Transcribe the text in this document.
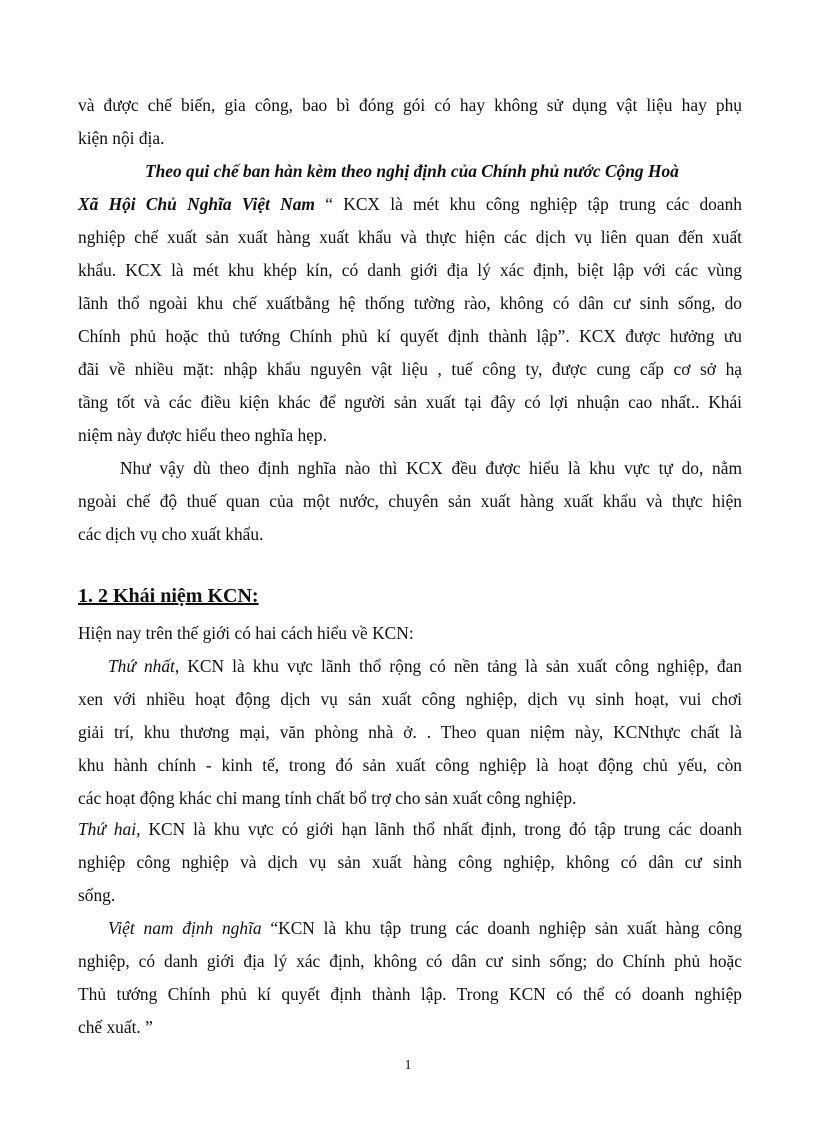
và được chế biến, gia công, bao bì đóng gói có hay không sử dụng vật liệu hay phụ

kiện nội địa.

Theo qui chế ban hàn kèm theo nghị định của Chính phủ nước Cộng Hoà

Xã Hội Chủ Nghĩa Việt Nam “ KCX là mét khu công nghiệp tập trung các doanh

nghiệp chế xuất sản xuất hàng xuất khẩu và thực hiện các dịch vụ liên quan đến xuất

khẩu. KCX là mét khu khép kín, có danh giới địa lý xác định, biệt lập với các vùng

lãnh thổ ngoài khu chế xuấtbằng hệ thống tường rào, không có dân cư sinh sống, do

Chính phủ hoặc thủ tướng Chính phủ kí quyết định thành lập”. KCX được hưởng ưu

đãi về nhiều mặt: nhập khẩu nguyên vật liệu , tuế công ty, được cung cấp cơ sở hạ

tầng tốt và các điều kiện khác để người sản xuất tại đây có lợi nhuận cao nhất.. Khái

niệm này được hiểu theo nghĩa hẹp.

Như vậy dù theo định nghĩa nào thì KCX đều được hiểu là khu vực tự do, nằm

ngoài chế độ thuế quan của một nước, chuyên sản xuất hàng xuất khẩu và thực hiện

các dịch vụ cho xuất khẩu.

1. 2 Khái niệm KCN:

Hiện nay trên thế giới có hai cách hiểu về KCN:

Thứ nhất, KCN là khu vực lãnh thổ rộng có nền tảng là sản xuất công nghiệp, đan

xen với nhiều hoạt động dịch vụ sản xuất công nghiệp, dịch vụ sinh hoạt, vui chơi

giải trí, khu thương mại, văn phòng nhà ở. . Theo quan niệm này, KCNthực chất là

khu hành chính - kinh tế, trong đó sản xuất công nghiệp là hoạt động chủ yếu, còn

các hoạt động khác chỉ mang tính chất bổ trợ cho sản xuất công nghiệp.

Thứ hai, KCN là khu vực có giới hạn lãnh thổ nhất định, trong đó tập trung các doanh

nghiệp công nghiệp và dịch vụ sản xuất hàng công nghiệp, không có dân cư sinh

sống.

Việt nam định nghĩa “KCN là khu tập trung các doanh nghiệp sản xuất hàng công

nghiệp, có danh giới địa lý xác định, không có dân cư sinh sống; do Chính phủ hoặc

Thủ tướng Chính phủ kí quyết định thành lập. Trong KCN có thể có doanh nghiệp

chế xuất. ”

1
